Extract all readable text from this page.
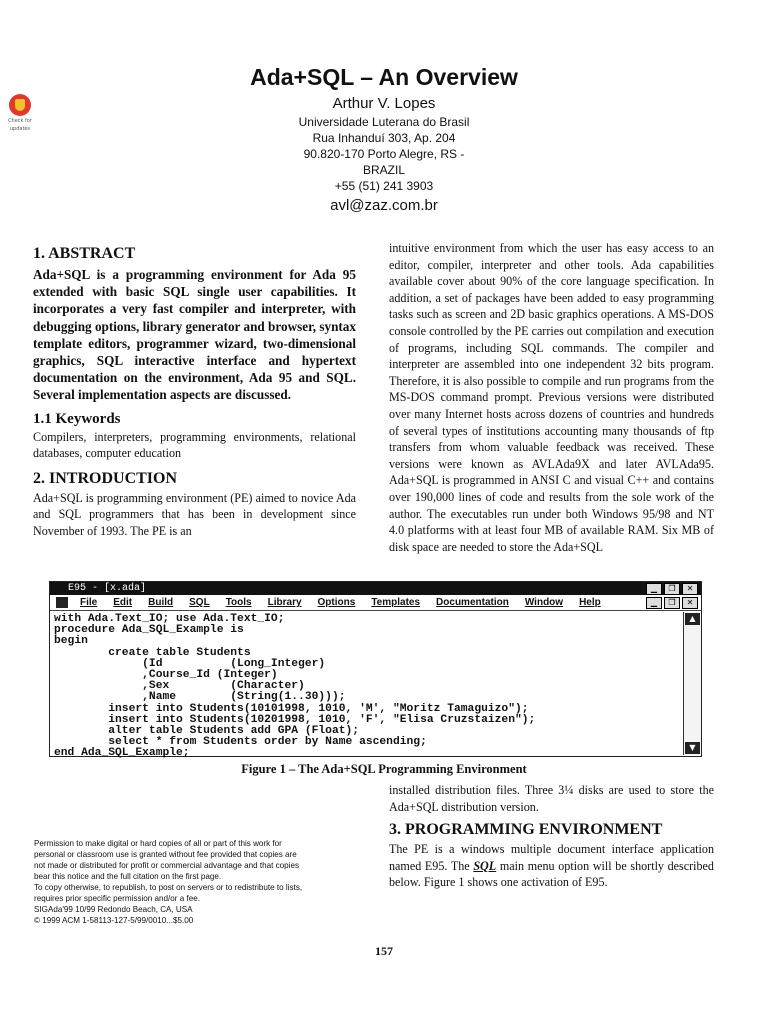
Check for
updates
Ada+SQL – An Overview
Arthur V. Lopes
Universidade Luterana do Brasil
Rua Inhanduí 303, Ap. 204
90.820-170 Porto Alegre, RS -
BRAZIL
+55 (51) 241 3903
avl@zaz.com.br

1. ABSTRACT

Ada+SQL is a programming environment for Ada 95 extended with basic SQL single user capabilities. It incorporates a very fast compiler and interpreter, with debugging options, library generator and browser, syntax template editors, programmer wizard, two-dimensional graphics, SQL interactive interface and hypertext documentation on the environment, Ada 95 and SQL. Several implementation aspects are discussed.

1.1 Keywords

Compilers, interpreters, programming environments, relational databases, computer education

2. INTRODUCTION

Ada+SQL is programming environment (PE) aimed to novice Ada and SQL programmers that has been in development since November of 1993. The PE is an

intuitive environment from which the user has easy access to an editor, compiler, interpreter and other tools. Ada capabilities available cover about 90% of the core language specification. In addition, a set of packages have been added to easy programming tasks such as screen and 2D basic graphics operations. A MS-DOS console controlled by the PE carries out compilation and execution of programs, including SQL commands. The compiler and interpreter are assembled into one independent 32 bits program. Therefore, it is also possible to compile and run programs from the MS-DOS command prompt. Previous versions were distributed over many Internet hosts across dozens of countries and hundreds of several types of institutions accounting many thousands of ftp transfers from whom valuable feedback was received. These versions were known as AVLAda9X and later AVLAda95. Ada+SQL is programmed in ANSI C and visual C++ and contains over 190,000 lines of code and results from the sole work of the author. The executables run under both Windows 95/98 and NT 4.0 platforms with at least four MB of available RAM. Six MB of disk space are needed to store the Ada+SQL

E95 - [x.ada]	▁	❐	✕
File Edit Build SQL Tools Library Options Templates Documentation Window Help	▁	❐	✕
with Ada.Text_IO; use Ada.Text_IO;
procedure Ada_SQL_Example is
begin
create table Students
(Id          (Long_Integer)
,Course_Id (Integer)
,Sex         (Character)
,Name        (String(1..30)));
insert into Students(10101998, 1010, 'M', "Moritz Tamaguizo");
insert into Students(10201998, 1010, 'F', "Elisa Cruzstaizen");
alter table Students add GPA (Float);
select * from Students order by Name ascending;
end Ada_SQL_Example;
▲
▼
Figure 1 – The Ada+SQL Programming Environment

installed distribution files. Three 3¼ disks are used to store the Ada+SQL distribution version.

3. PROGRAMMING ENVIRONMENT

The PE is a windows multiple document interface application named E95. The SQL main menu option will be shortly described below. Figure 1 shows one activation of E95.

Permission to make digital or hard copies of all or part of this work for
personal or classroom use is granted without fee provided that copies are
not made or distributed for profit or commercial advantage and that copies
bear this notice and the full citation on the first page.
To copy otherwise, to republish, to post on servers or to redistribute to lists,
requires prior specific permission and/or a fee.
SIGAda'99 10/99 Redondo Beach, CA, USA
© 1999 ACM 1-58113-127-5/99/0010...$5.00
157
